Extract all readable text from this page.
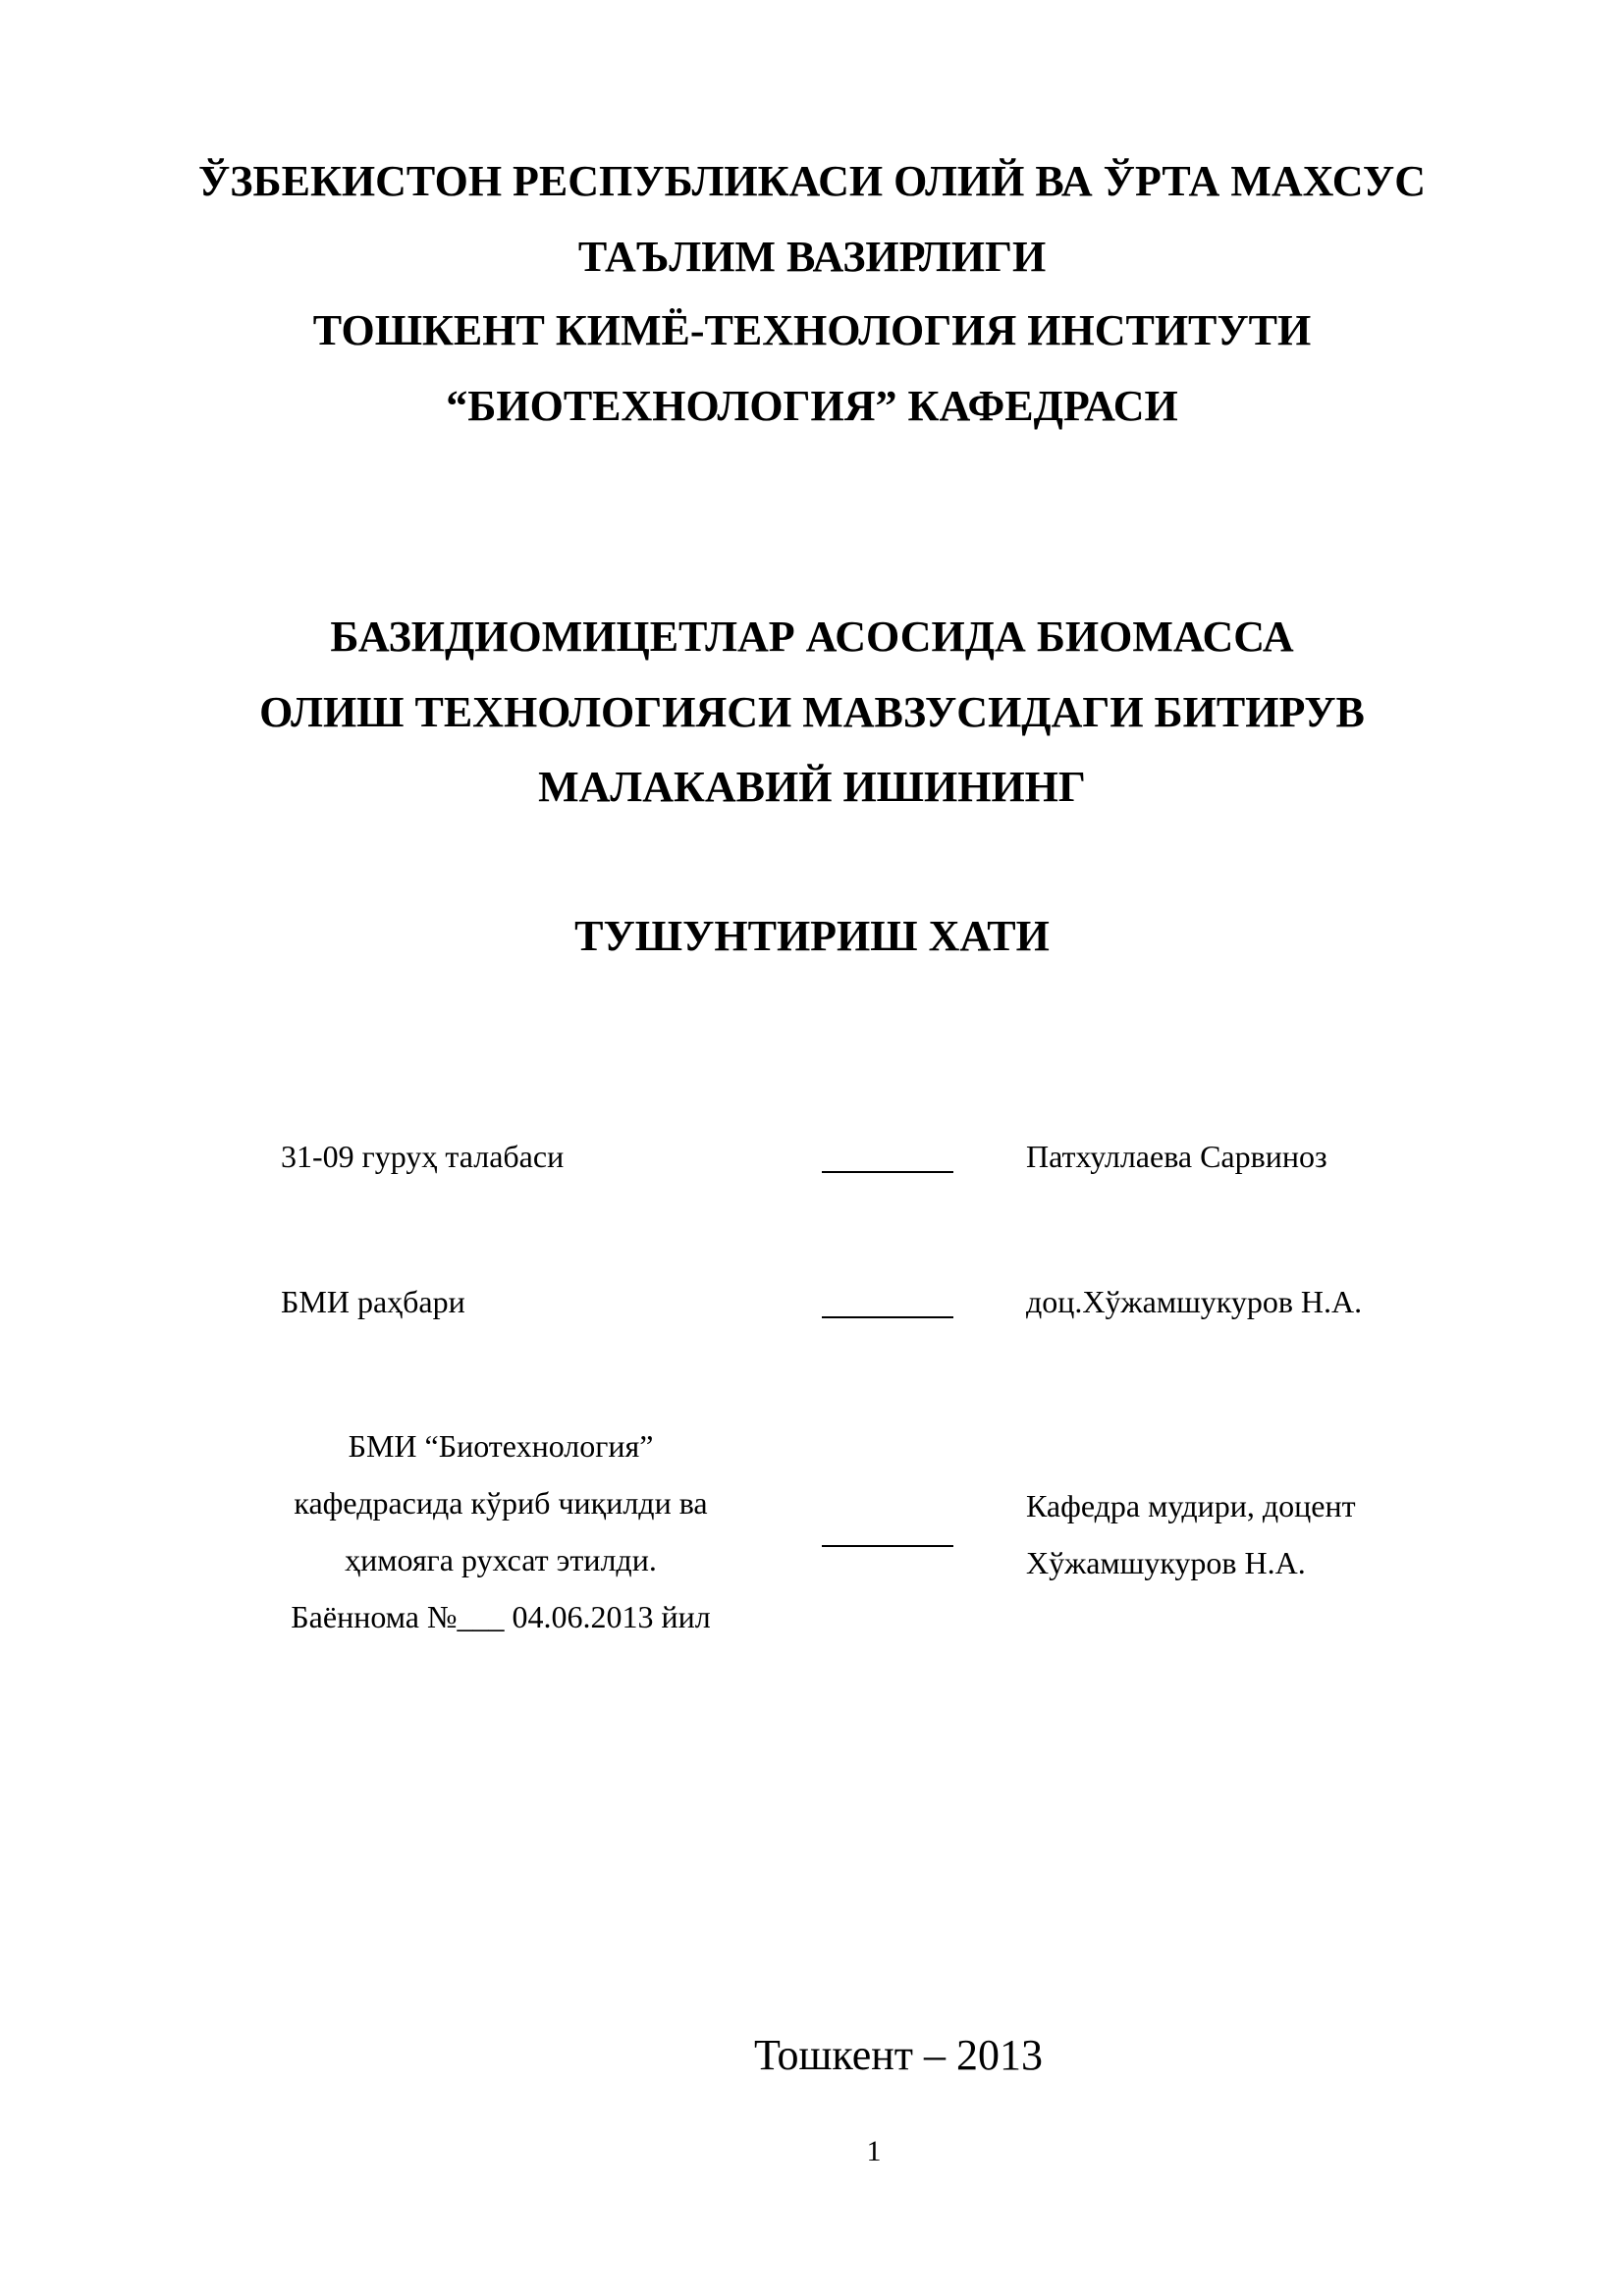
ЎЗБЕКИСТОН РЕСПУБЛИКАСИ ОЛИЙ ВА ЎРТА МАХСУС
ТАЪЛИМ ВАЗИРЛИГИ
ТОШКЕНТ КИМЁ-ТЕХНОЛОГИЯ ИНСТИТУТИ
“БИОТЕХНОЛОГИЯ” КАФЕДРАСИ
БАЗИДИОМИЦЕТЛАР АСОСИДА БИОМАССА
ОЛИШ ТЕХНОЛОГИЯСИ МАВЗУСИДАГИ БИТИРУВ
МАЛАКАВИЙ ИШИНИНГ
ТУШУНТИРИШ ХАТИ
31-09 гуруҳ талабаси	Патхуллаева Сарвиноз
БМИ раҳбари	доц.Хўжамшукуров Н.А.
БМИ “Биотехнология”
кафедрасида кўриб чиқилди ва
ҳимояга рухсат этилди.
Баённома №___ 04.06.2013 йил
Кафедра мудири, доцент
Хўжамшукуров Н.А.
Тошкент – 2013
1
